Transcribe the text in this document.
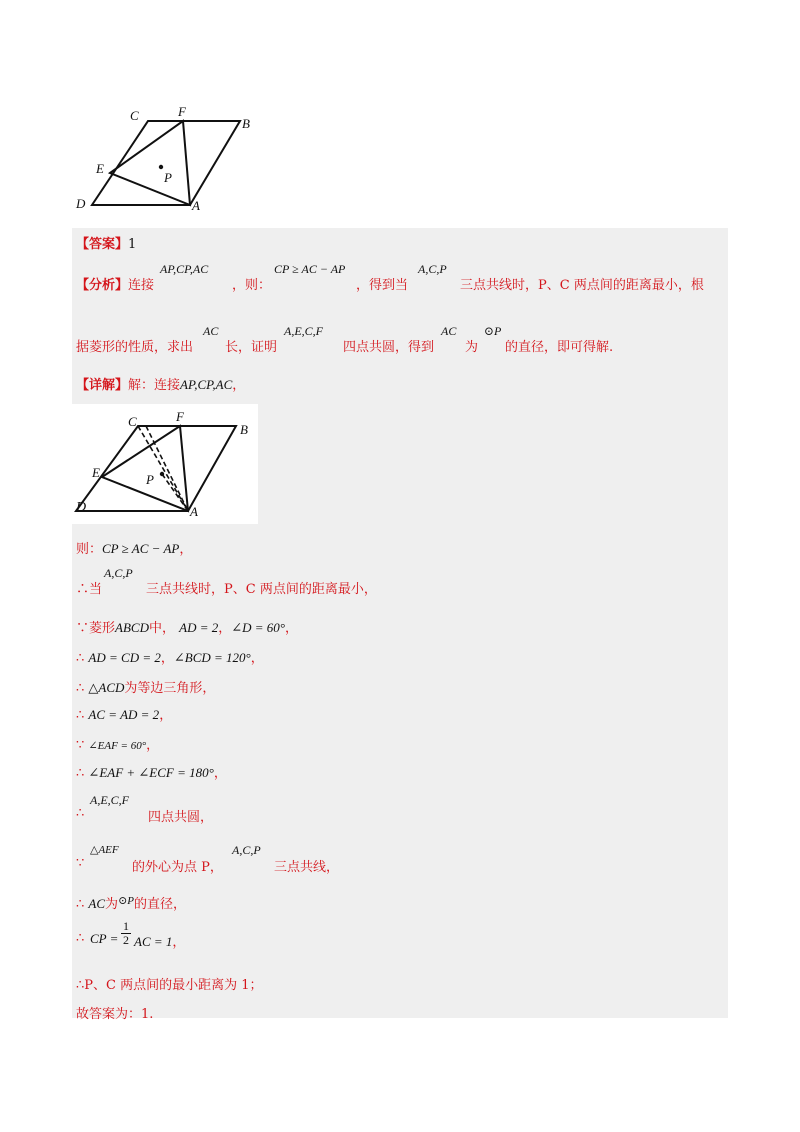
C	F
B
E
P
D	A
【答案】1
【分析】连接
AP,CP,AC
，则：
CP ≥ AC − AP
，得到当
A,C,P
三点共线时，P、C 两点间的距离最小，根
据菱形的性质，求出
AC
长，证明
A,E,C,F
四点共圆，得到
AC
为
⊙P
的直径，即可得解.
【详解】解：连接AP,CP,AC，
C	F
B
E	P
A
D
则：CP ≥ AC − AP，
∴当
A,C,P
三点共线时，P、C 两点间的距离最小，
∵菱形ABCD中， AD = 2，∠D = 60°，
∴ AD = CD = 2，∠BCD = 120°，
∴ △ACD为等边三角形，
∴ AC = AD = 2，
∵ ∠EAF = 60°，
∴ ∠EAF + ∠ECF = 180°，
∴
A,E,C,F
四点共圆，
∵
△AEF
的外心为点 P，
A,C,P
三点共线，
∴ AC为$^{⊙P}$的直径，
∴ CP =
1
2 AC = 1，
∴P、C 两点间的最小距离为 1；
故答案为：1.
